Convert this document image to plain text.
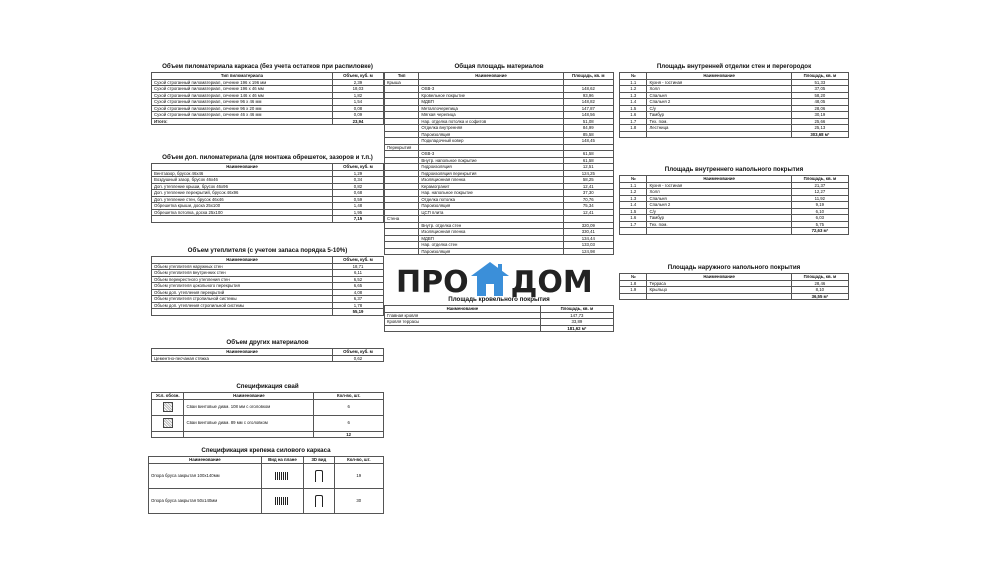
Объем пиломатериала каркаса (без учета остатков при распиловке)
Тип пиломатериала	Объем, куб. м
Сухой строганный пиломатериал, сечение 196 х 196 мм	2,39
Сухой строганный пиломатериал, сечение 196 х 46 мм	18,03
Сухой строганный пиломатериал, сечение 146 х 46 мм	1,82
Сухой строганный пиломатериал, сечение 96 х 46 мм	1,54
Сухой строганный пиломатериал, сечение 96 х 20 мм	0,08
Сухой строганный пиломатериал, сечение 46 х 46 мм	0,09
Итого:	23,94
Объем доп. пиломатериала (для монтажа обрешеток, зазоров и т.п.)
Наименование	Объем, куб. м
Вентзазор, брусок 46х46	1,29
Воздушный зазор, брусок 46х46	0,34
Доп. утепление крыши, брусок 46х96	0,82
Доп. утепление перекрытий, брусок 46х96	0,68
Доп. утепление стен, брусок 46х46	0,59
Обрешетка крыши, доска 25х100	1,48
Обрешетка потолка, доска 25х100	1,95
	7,15
Объем утеплителя (с учетом запаса порядка 5-10%)
Наименование	Объем, куб. м
Объем утеплителя наружных стен	18,71
Объем утеплителя внутренних стен	6,11
Объем перекрестного утепления стен	6,52
Объем утеплителя цокольного перекрытия	6,65
Объем доп. утепления перекрытий	4,08
Объем утеплителя стропильной системы	6,37
Объем доп. утепления стропильной системы	1,78
	55,19
Объем других материалов
Наименование	Объем, куб. м
Цементно-песчаная стяжка	0,62
Спецификация свай
Усл. обозн.	Наименование	Кол-во, шт.
	Сваи винтовые диам. 108 мм с оголовком	6
	Сваи винтовые диам. 89 мм с оголовком	6
		12
Спецификация крепежа силового каркаса
Наименование	Вид на плане	3D вид	Кол-во, шт.
Опора бруса закрытая 100х140мм			19
Опора бруса закрытая 50х140мм			30
Общая площадь материалов
Тип	Наименование	Площадь, кв. м
Крыша		
	OSB-3	148,62
	Кровельное покрытие	93,96
	МДВП	148,82
	Металлочерепица	147,87
	Мягкая черепица	148,56
	Нар. отделка потолка и софитов	51,08
	Отделка внутренняя	84,99
	Пароизоляция	85,58
	Подкладочный ковер	148,45
Перекрытия		
	OSB-3	61,58
	Внутр. напольное покрытие	61,58
	Гидроизоляция	12,51
	Гидроизоляция перекрытия	124,25
	Изоляционная пленка	58,25
	Керамогранит	12,41
	Нар. напольное покрытие	37,30
	Отделка потолка	70,76
	Пароизоляция	75,34
	ЦСП плита	12,41
Стена		
	Внутр. отделка стен	320,09
	Изоляционная пленка	330,41
	МДВП	134,44
	Нар. отделка стен	133,03
	Пароизоляция	124,98
ПРО ДОМ
Площадь кровельного покрытия
Наименование	Площадь, кв. м
Главная кровля	147,73
Кровля террасы	33,89
	181,62 м²
Площадь внутренней отделки стен и перегородок
№	Наименование	Площадь, кв. м
1.1	Кухня - гостиная	51,33
1.2	Холл	37,05
1.3	Спальня	58,20
1.4	Спальня 2	48,05
1.5	С/у	28,06
1.6	Тамбур	30,19
1.7	Тех. пом.	25,66
1.8	Лестница	25,13
		303,68 м²
Площадь внутреннего напольного покрытия
№	Наименование	Площадь, кв. м
1.1	Кухня - гостиная	21,37
1.2	Холл	12,27
1.3	Спальня	11,92
1.4	Спальня 2	9,19
1.5	С/у	6,10
1.6	Тамбур	6,03
1.7	Тех. пом.	5,75
		72,63 м²
Площадь наружного напольного покрытия
№	Наименование	Площадь, кв. м
1.8	Терраса	28,46
1.9	Крыльцо	8,10
		36,55 м²
